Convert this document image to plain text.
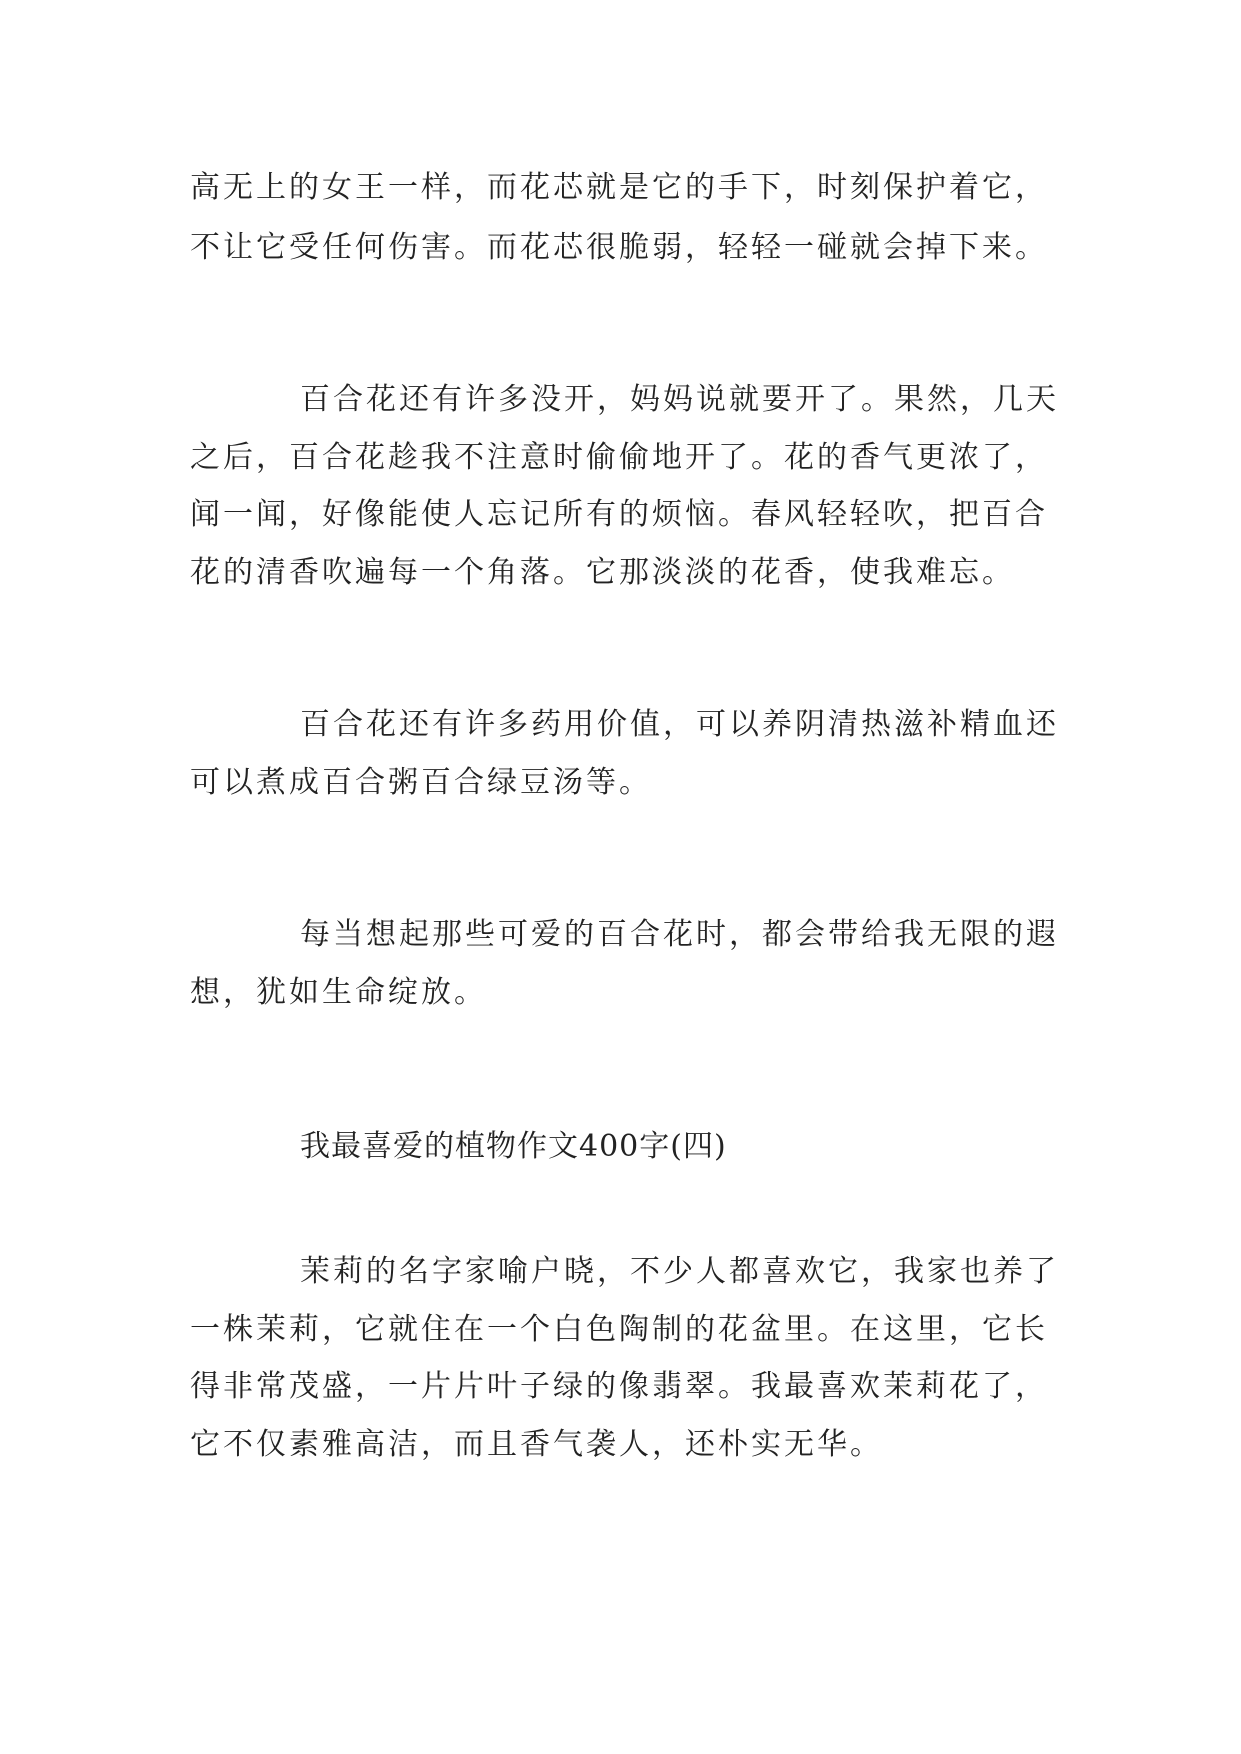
高无上的女王一样，而花芯就是它的手下，时刻保护着它，
不让它受任何伤害。而花芯很脆弱，轻轻一碰就会掉下来。
百合花还有许多没开，妈妈说就要开了。果然，几天
之后，百合花趁我不注意时偷偷地开了。花的香气更浓了，
闻一闻，好像能使人忘记所有的烦恼。春风轻轻吹，把百合
花的清香吹遍每一个角落。它那淡淡的花香，使我难忘。
百合花还有许多药用价值，可以养阴清热滋补精血还
可以煮成百合粥百合绿豆汤等。
每当想起那些可爱的百合花时，都会带给我无限的遐
想，犹如生命绽放。
我最喜爱的植物作文400字(四)
茉莉的名字家喻户晓，不少人都喜欢它，我家也养了
一株茉莉，它就住在一个白色陶制的花盆里。在这里，它长
得非常茂盛，一片片叶子绿的像翡翠。我最喜欢茉莉花了，
它不仅素雅高洁，而且香气袭人，还朴实无华。
